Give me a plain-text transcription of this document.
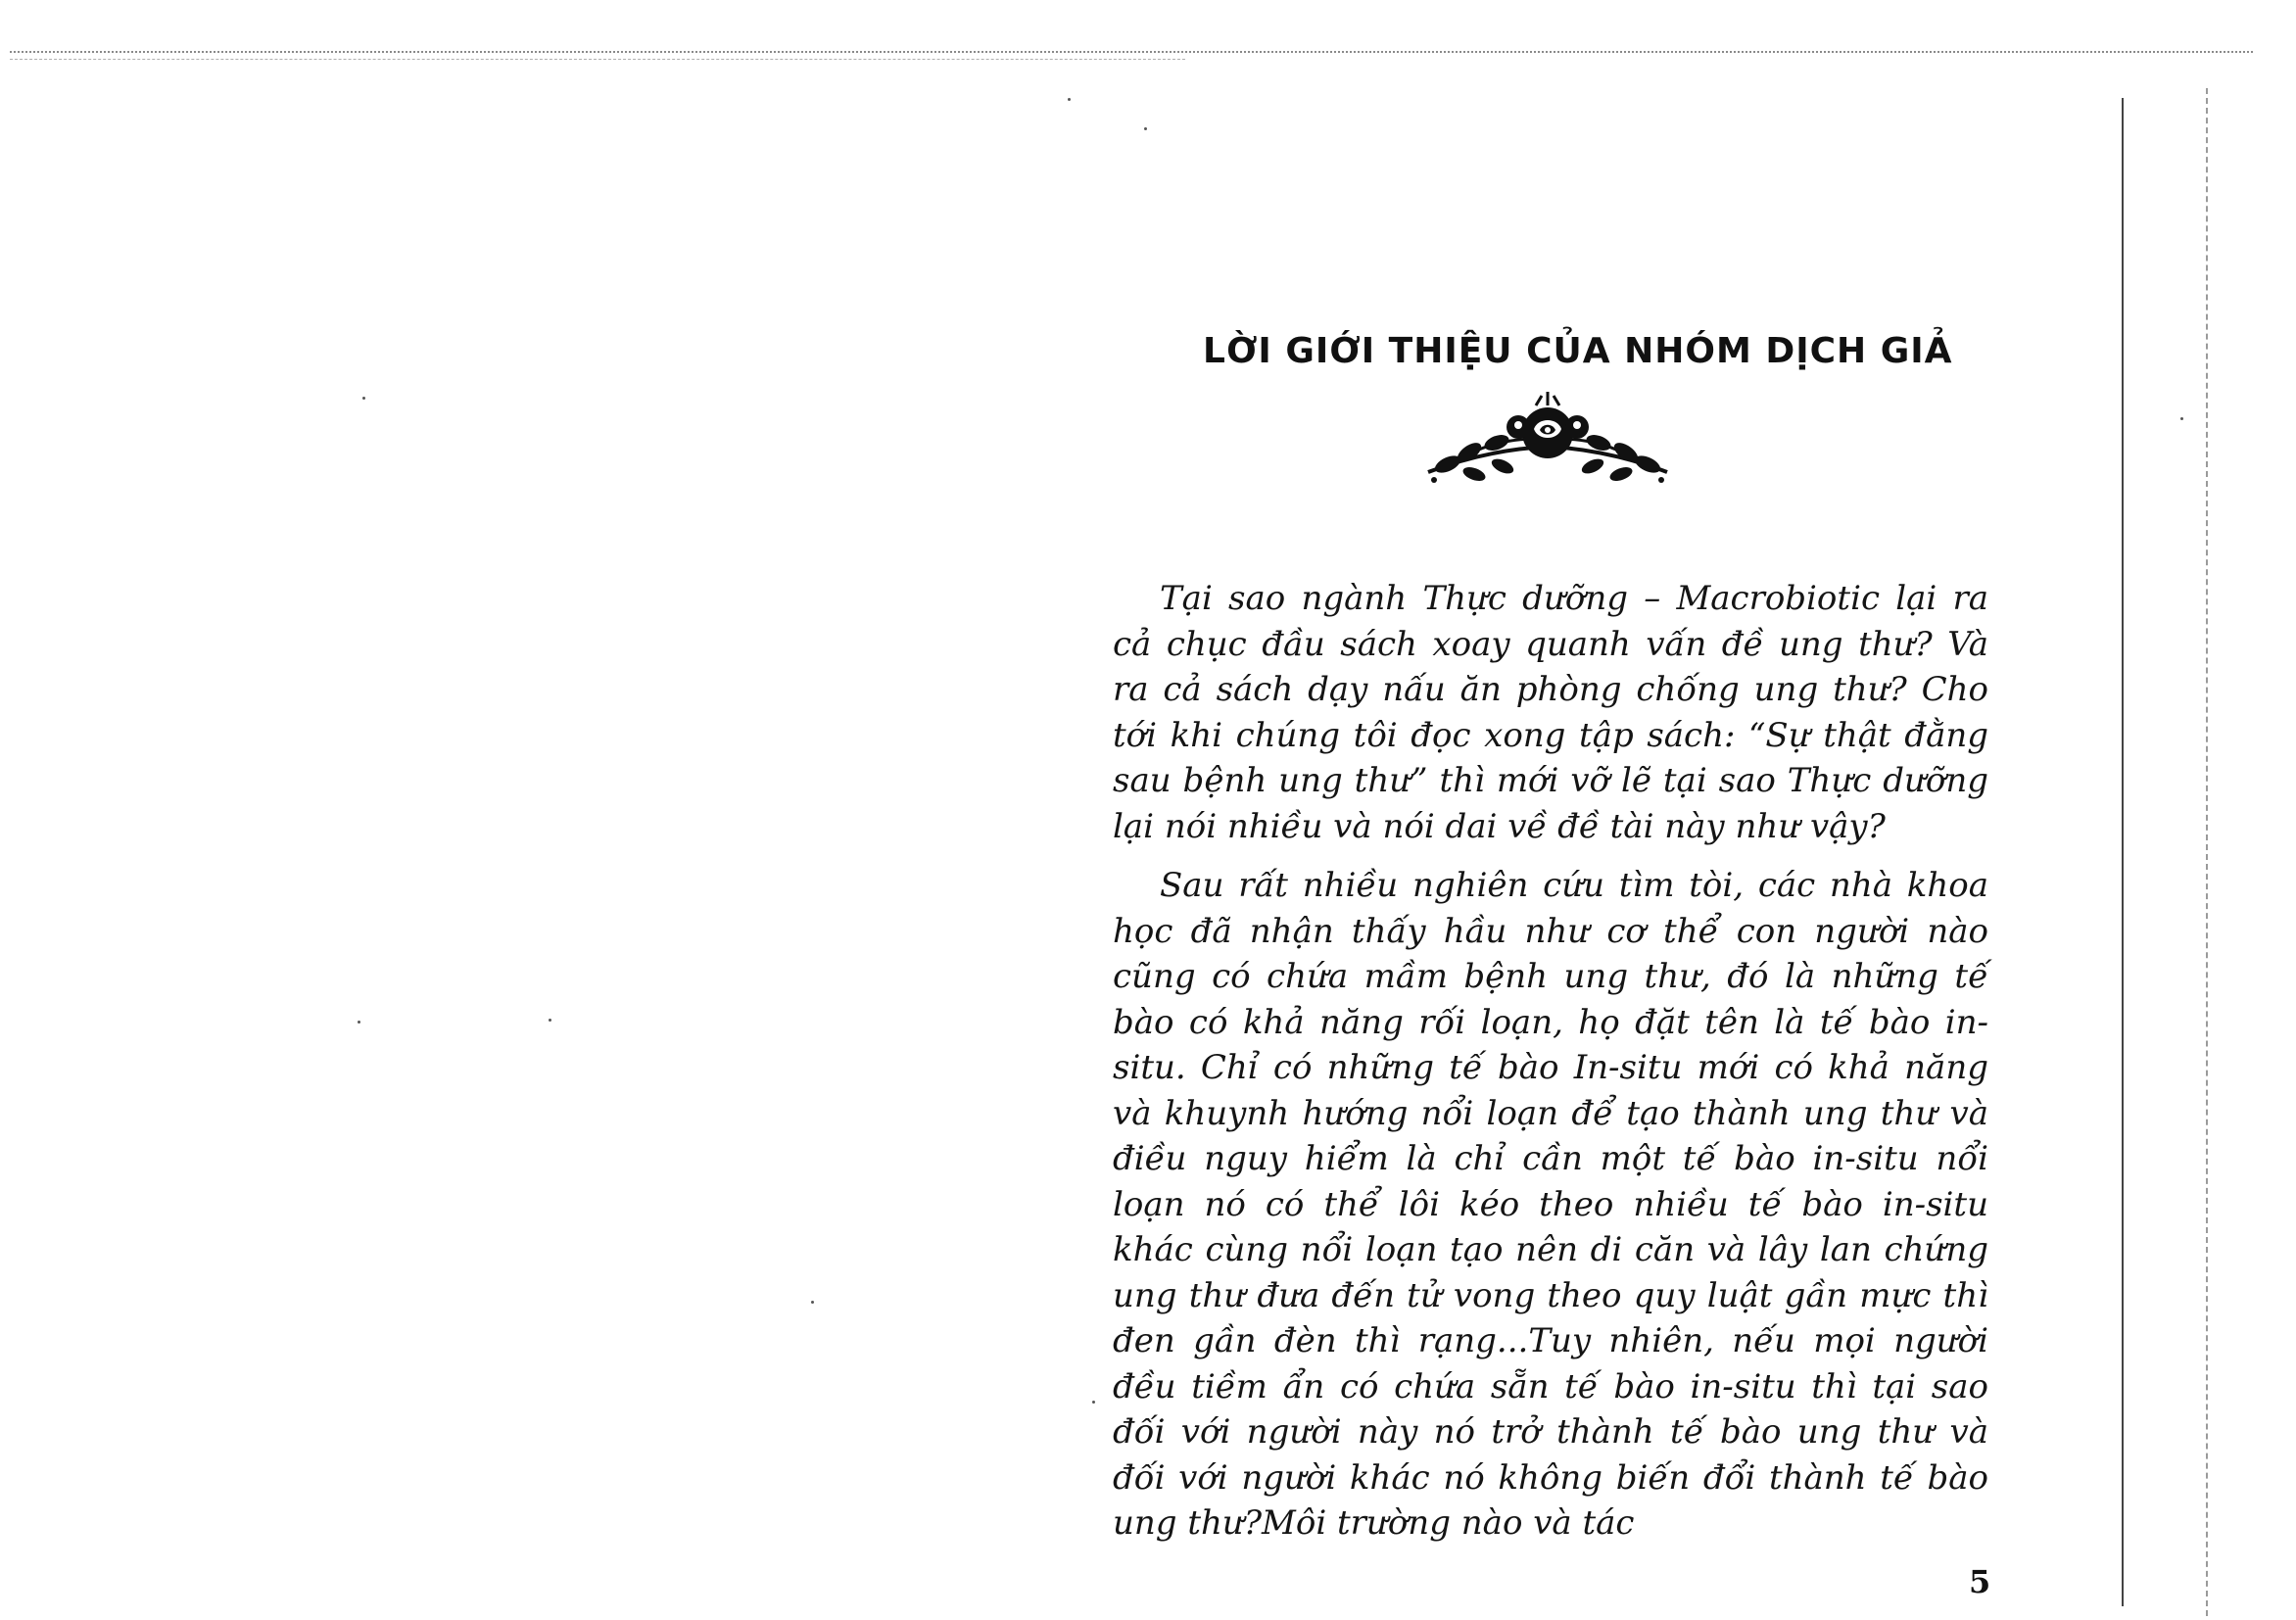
LỜI GIỚI THIỆU CỦA NHÓM DỊCH GIẢ

Tại sao ngành Thực dưỡng – Macrobiotic lại ra cả chục đầu sách xoay quanh vấn đề ung thư? Và ra cả sách dạy nấu ăn phòng chống ung thư? Cho tới khi chúng tôi đọc xong tập sách: “Sự thật đằng sau bệnh ung thư” thì mới vỡ lẽ tại sao Thực dưỡng lại nói nhiều và nói dai về đề tài này như vậy?

Sau rất nhiều nghiên cứu tìm tòi, các nhà khoa học đã nhận thấy hầu như cơ thể con người nào cũng có chứa mầm bệnh ung thư, đó là những tế bào có khả năng rối loạn, họ đặt tên là tế bào in-situ. Chỉ có những tế bào In-situ mới có khả năng và khuynh hướng nổi loạn để tạo thành ung thư và điều nguy hiểm là chỉ cần một tế bào in-situ nổi loạn nó có thể lôi kéo theo nhiều tế bào in-situ khác cùng nổi loạn tạo nên di căn và lây lan chứng ung thư đưa đến tử vong theo quy luật gần mực thì đen gần đèn thì rạng...Tuy nhiên, nếu mọi người đều tiềm ẩn có chứa sẵn tế bào in-situ thì tại sao đối với người này nó trở thành tế bào ung thư và đối với người khác nó không biến đổi thành tế bào ung thư?Môi trường nào và tác

5
